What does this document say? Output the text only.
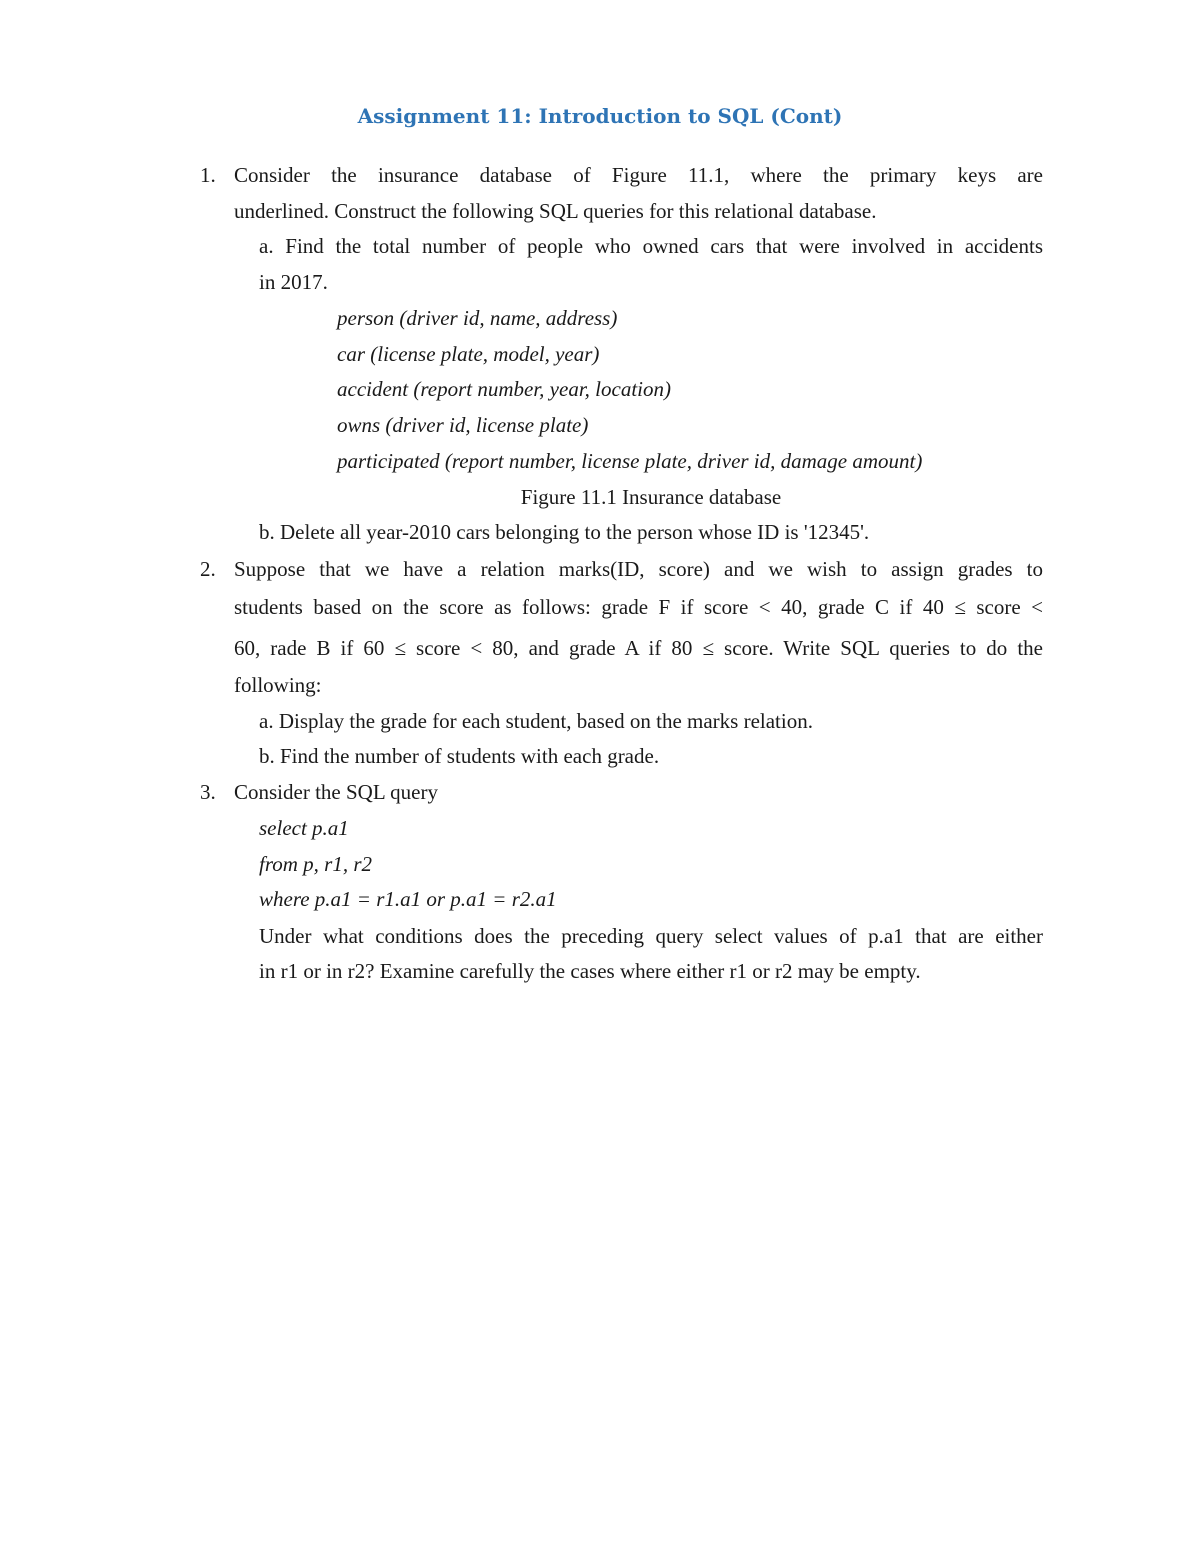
Assignment 11: Introduction to SQL (Cont)
1. Consider the insurance database of Figure 11.1, where the primary keys are
underlined. Construct the following SQL queries for this relational database.
a. Find the total number of people who owned cars that were involved in accidents
in 2017.
person (driver id, name, address)
car (license plate, model, year)
accident (report number, year, location)
owns (driver id, license plate)
participated (report number, license plate, driver id, damage amount)
Figure 11.1 Insurance database
b. Delete all year-2010 cars belonging to the person whose ID is '12345'.
2. Suppose that we have a relation marks(ID, score) and we wish to assign grades to
students based on the score as follows: grade F if score < 40, grade C if 40 ≤ score <
60, rade B if 60 ≤ score < 80, and grade A if 80 ≤ score. Write SQL queries to do the
following:
a. Display the grade for each student, based on the marks relation.
b. Find the number of students with each grade.
3. Consider the SQL query
select p.a1
from p, r1, r2
where p.a1 = r1.a1 or p.a1 = r2.a1
Under what conditions does the preceding query select values of p.a1 that are either
in r1 or in r2? Examine carefully the cases where either r1 or r2 may be empty.
